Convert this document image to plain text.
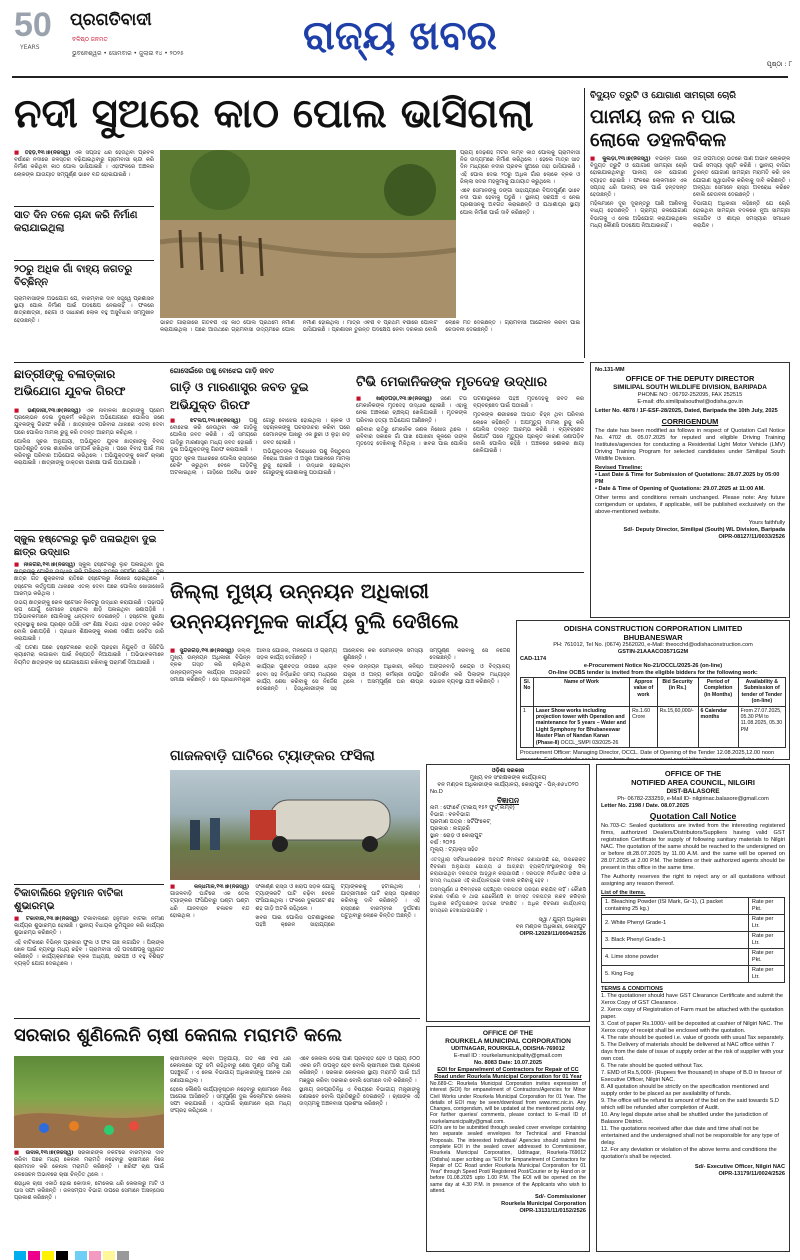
50
YEARS
ପ୍ରଗତିବାଦୀ
ବଳିଷ୍ଠ ଜନମତ
ଭୁବନେଶ୍ୱର • ସୋମବାର • ଜୁଲାଇ ୧୪ • ୨୦୨୫	ରାଜ୍ୟ ଖବର
ପୃଷ୍ଠା : ୮
ନଦୀ ସୁଅରେ କାଠ ପୋଲ ଭାସିଗଲା

■ ତିହିଡ଼ି,୧୩।୭(ନିଜସ୍ୱ) ଏକ ସପ୍ତାହ ଧରି ହେଉଥିବା ପ୍ରବଳ ବର୍ଷାରେ ନଦୀରେ ଜଳସ୍ତର ବଢ଼ିଯାଇଥିବାରୁ ଗ୍ରାମବାସୀ ଚାନ୍ଦା କରି ନିର୍ମାଣ କରିଥିବା କାଠ ପୋଲ ଭାସିଯାଇଛି । ଏହାଫଳରେ ଅଞ୍ଚଳର ଲୋକଙ୍କ ଯାତାୟାତ ସମ୍ପୂର୍ଣ୍ଣ ଭାବେ ବନ୍ଦ ହୋଇଯାଇଛି ।

ସାତ ଦିନ ତଳେ ଚାନ୍ଦା କରି ନିର୍ମାଣ କରାଯାଇଥିଲା
୨୦ରୁ ଅଧିକ ଗାଁ ବାହ୍ୟ ଜଗତରୁ ବିଚ୍ଛିନ୍ନ

ଗ୍ରାମବାସୀଙ୍କ ଅଭିଯୋଗ ଯେ, ବାରମ୍ବାର ଦାବି ସତ୍ତ୍ୱେ ପ୍ରଶାସନ ସ୍ଥାୟୀ ପୋଲ ନିର୍ମାଣ ପାଇଁ ପଦକ୍ଷେପ ନେଇନାହିଁ । ଫଳରେ ଛାତ୍ରଛାତ୍ରୀ, ରୋଗୀ ଓ ସାଧାରଣ ଲୋକ ବହୁ ଅସୁବିଧାର ସମ୍ମୁଖୀନ ହେଉଛନ୍ତି ।

ପ୍ରାୟ ଦେଢ଼ଶହ ମିଟର ଲମ୍ବ କାଠ ପୋଲକୁ ଗ୍ରାମବାସୀ ନିଜ ଉଦ୍ୟମରେ ନିର୍ମାଣ କରିଥିଲେ । ହେଲେ ମାତ୍ର ସାତ ଦିନ ମଧ୍ୟରେ ନଦୀର ପ୍ରବଳ ସୁଅରେ ତାହା ଭାସିଯାଇଛି । ଏହି ପୋଲ ଦେଇ ୨୦ରୁ ଅଧିକ ଗାଁର ଲୋକେ ବ୍ଳକ ଓ ଜିଲ୍ଲା ସଦର ମହକୁମାକୁ ଯାତାୟାତ କରୁଥିଲେ ।

ଏବେ ସେମାନଙ୍କୁ ଡଙ୍ଗା ସାହାଯ୍ୟରେ ବିପଦପୂର୍ଣ୍ଣ ଭାବେ ନଦୀ ପାର ହେବାକୁ ପଡୁଛି । ସ୍ଥାନୀୟ ସରପଞ୍ଚ ଏ ନେଇ ପ୍ରଶାସନକୁ ଅବଗତ କରାଇଛନ୍ତି ଓ ଯଥାଶୀଘ୍ର ସ୍ଥାୟୀ ପୋଲ ନିର୍ମାଣ ପାଇଁ ଦାବି କରିଛନ୍ତି ।

ଭାରତ ଗାଁରାଜାରେ ଗତବର୍ଷ ଏହି କାଠ ପୋଲ ପ୍ରଥମେ ନିର୍ମାଣ କରାଯାଇଥିଲା । ପରେ ଆଉଥରେ ଗ୍ରାମବାସୀ ଉଦ୍ୟମରେ ପୋଲ ନିର୍ମାଣ ହୋଇଥିଲା । ମାତ୍ର ଏବର୍ଷ ବି ପ୍ରଥମ ବର୍ଷାରେ ପୋଲଟି ଭାସିଯାଇଛି । ପ୍ରଶାସନ ତୁରନ୍ତ ପଦକ୍ଷେପ ନେବା ଦରକାର ବୋଲି ଲୋକେ ମତ ଦେଇଛନ୍ତି । ଗ୍ରାମବାସୀ ଆନ୍ଦୋଳନ କରିବା ପାଇଁ ଚେତାବନୀ ଦେଇଛନ୍ତି ।

ବିଦ୍ୟୁତ ତ୍ରୁଟି ଓ ଯୋଗାଣ ସାମଗ୍ରୀ ଚୋରି
ପାନୀୟ ଜଳ ନ ପାଇ ଲୋକେ ଡହଳବିକଳ

■ କୁଲଡ଼ା,୧୩।୭(ନିଜସ୍ୱ) ବିଭିନ୍ନ ଗାଁରେ ବିଦ୍ୟୁତ ତ୍ରୁଟି ଓ ଯୋଗାଣ ସାମଗ୍ରୀ ଚୋରି ହୋଇଯାଇଥିବାରୁ ପାନୀୟ ଜଳ ଯୋଗାଣ ବ୍ୟାହତ ହୋଇଛି । ଫଳରେ ଲୋକମାନେ ଏକ ସପ୍ତାହ ଧରି ପାନୀୟ ଜଳ ପାଇଁ ହନ୍ତସନ୍ତ ହେଉଛନ୍ତି ।

ମହିଳାମାନେ ଦୂର ଦୂରାନ୍ତରୁ ପାଣି ଆଣିବାକୁ ବାଧ୍ୟ ହେଉଛନ୍ତି । ଗ୍ରାମ୍ୟ ଜଳଯୋଗାଣ ବିଭାଗକୁ ଏ ନେଇ ଅଭିଯୋଗ କରାଯାଇଥିଲେ ମଧ୍ୟ କୌଣସି ପଦକ୍ଷେପ ନିଆଯାଇନାହିଁ ।

ଉଚ୍ଚ ତାପମାତ୍ରା ଭିତରେ ପାଣି ଅଭାବ ଲୋକଙ୍କ ପାଇଁ ସମସ୍ୟା ସୃଷ୍ଟି କରିଛି । ସ୍ଥାନୀୟ ବାସିନ୍ଦା ତୁରନ୍ତ ଯୋଗାଣ ସାମଗ୍ରୀ ମରାମତି କରି ଜଳ ଯୋଗାଣ ସ୍ୱାଭାବିକ କରିବାକୁ ଦାବି କରିଛନ୍ତି । ଅନ୍ୟଥା ସେମାନେ ରାସ୍ତା ଅବରୋଧ କରିବେ ବୋଲି ଚେତାବନୀ ଦେଇଛନ୍ତି ।

ବିଭାଗୀୟ ଅଧିକାରୀ କହିଛନ୍ତି ଯେ ଚୋରି ହୋଇଥିବା ସାମଗ୍ରୀ ବଦଳରେ ନୂଆ ସାମଗ୍ରୀ ଲଗାଯିବ ଓ ଶୀଘ୍ର ସମସ୍ୟାର ସମାଧାନ କରାଯିବ ।

ଛାତ୍ରୀଙ୍କୁ ବଳାତ୍କାର ଅଭିଯୋଗ ଯୁବକ ଗିରଫ

■ ଭଣ୍ଡାରୀ,୧୩।୭(ନିଜସ୍ୱ) ଏକ ନାବାଳିକା ଛାତ୍ରୀଙ୍କୁ ପ୍ରେମ ପ୍ରଲୋଭନ ଦେଇ ଦୁଷ୍କର୍ମ କରିଥିବା ଅଭିଯୋଗରେ ପୋଲିସ ଜଣେ ଯୁବକଙ୍କୁ ଗିରଫ କରିଛି । ଛାତ୍ରୀଙ୍କ ପରିବାର ଥାନାରେ ଏତଲା ଦେବା ପରେ ପୋଲିସ ମାମଲା ରୁଜୁ କରି ତଦନ୍ତ ଆରମ୍ଭ କରିଥିଲା ।

ପୋଲିସ ସୂଚନା ଅନୁଯାୟୀ, ଅଭିଯୁକ୍ତ ଯୁବକ ଛାତ୍ରୀଙ୍କୁ ବିବାହ ପ୍ରତିଶ୍ରୁତି ଦେଇ ଶାରୀରିକ ସମ୍ପର୍କ ରଖିଥିଲା । ପରେ ବିବାହ ପାଇଁ ମନା କରିବାରୁ ପରିବାର ଅଭିଯୋଗ କରିଥିଲେ । ଅଭିଯୁକ୍ତଙ୍କୁ କୋର୍ଟ ଚାଲାଣ କରାଯାଇଛି । ଛାତ୍ରୀଙ୍କୁ ଡାକ୍ତରୀ ପରୀକ୍ଷା ପାଇଁ ପଠାଯାଇଛି ।

ସ୍କୁଲ ହଷ୍ଟେଲରୁ ଲୁଚି ପଳାଇଥିବା ଦୁଇ ଛାତ୍ର ଉଦ୍ଧାର

■ ନୀଳଗିରି,୧୩।୭(ନିଜସ୍ୱ) ସ୍କୁଲ ହଷ୍ଟେଲରୁ ଲୁଚି ପଳାଇଥିବା ଦୁଇ ଛାତ୍ର ଗତ ଶୁକ୍ରବାର ରାତିରେ ହଷ୍ଟେଲରୁ ନିଖୋଜ ହୋଇଥିଲେ । ହଷ୍ଟେଲ କର୍ତ୍ତୃପକ୍ଷ ଥାନାରେ ଏତଲା ଦେବା ପରେ ପୋଲିସ ଖୋଜାଖୋଜି ଆରମ୍ଭ କରିଥିଲା ।

ଉଭୟ ଛାତ୍ରଙ୍କୁ ରେଳ ଷ୍ଟେସନ ନିକଟରୁ ଉଦ୍ଧାର କରାଯାଇଛି । ପଢ଼ାପଢ଼ି ଚାପ ଯୋଗୁଁ ସେମାନେ ହଷ୍ଟେଲ ଛାଡ଼ି ପଳାଇଥିବା ଜଣାପଡ଼ିଛି । ଅଭିଭାବକମାନେ ପୋଲିସକୁ ଧନ୍ୟବାଦ ଦେଇଛନ୍ତି । ହଷ୍ଟେଲ ସୁରକ୍ଷା ବ୍ୟବସ୍ଥାକୁ ନେଇ ପ୍ରଶ୍ନ ଉଠିଛି ଏବଂ ଶିକ୍ଷା ବିଭାଗ ଏହାର ତଦନ୍ତ କରିବ ବୋଲି ଜଣାପଡ଼ିଛି । ପ୍ରଧାନ ଶିକ୍ଷକଙ୍କୁ କାରଣ ଦର୍ଶାଅ ନୋଟିସ ଜାରି କରାଯାଇଛି ।

ଏହି ଘଟଣା ପରେ ହଷ୍ଟେଲରେ ରାତ୍ରି ପ୍ରହରୀ ନିଯୁକ୍ତି ଓ ସିସିଟିଭି କ୍ୟାମେରା ଲଗାଇବା ପାଇଁ ନିଷ୍ପତ୍ତି ନିଆଯାଇଛି । ଅଭିଭାବକମାନେ ନିୟମିତ ଛାତ୍ରଙ୍କ ସହ ଯୋଗାଯୋଗ ରଖିବାକୁ ପରାମର୍ଶ ଦିଆଯାଇଛି ।

ଗୋସେଇଁରେ ପଶୁ ବୋଝେଇ ଗାଡ଼ି ଜବତ
ଗାଡ଼ି ଓ ମାରଣାସ୍ତ୍ର ଜବତ ଦୁଇ ଅଭିଯୁକ୍ତ ଗିରଫ

■ ଝିଟିଲିପି,୧୩।୭(ନିଜସ୍ୱ) ପଶୁ ବୋଝେଇ କରି ନେଉଥିବା ଏକ ଗାଡ଼ିକୁ ପୋଲିସ ଜବତ କରିଛି । ଏହି ସମୟରେ ଗାଡ଼ିରୁ ମାରଣାସ୍ତ୍ର ମଧ୍ୟ ଜବତ ହୋଇଛି । ଦୁଇ ଅଭିଯୁକ୍ତଙ୍କୁ ଗିରଫ କରାଯାଇଛି ।

ଗୁପ୍ତ ସୂଚନା ଆଧାରରେ ପୋଲିସ ରାସ୍ତାରେ ଚେକିଂ କରୁଥିବା ବେଳେ ଗାଡ଼ିଟିକୁ ଅଟକାଇଥିଲା । ଗାଡ଼ିରେ ଅବୈଧ ଭାବେ ଗୋରୁ ବୋଝେଇ ହୋଇଥିଲା । ଚାଳକ ଓ ସହଚାଳକଙ୍କୁ ପଚରାଉଚରା କରିବା ପରେ ସେମାନଙ୍କ ପାଖରୁ ଏକ ଛୁରୀ ଓ ଲୁହା ରଡ଼ ଜବତ ହୋଇଛି ।

ଅଭିଯୁକ୍ତଙ୍କ ବିରୋଧରେ ପଶୁ ନିଷ୍ଠୁରତା ନିରୋଧ ଆଇନ ଓ ଅସ୍ତ୍ର ଆଇନରେ ମାମଲା ରୁଜୁ ହୋଇଛି । ଉଦ୍ଧାର ହୋଇଥିବା ଗୋରୁଙ୍କୁ ଗୋଶାଳାକୁ ପଠାଯାଇଛି ।

ଟିଭି ମେକାନିକଙ୍କ ମୃତଦେହ ଉଦ୍ଧାର

■ ଖଣ୍ଡପଡ଼ା,୧୩।୭(ନିଜସ୍ୱ) ଜଣେ ଟିଭି ମେକାନିକଙ୍କ ମୃତଦେହ ଉଦ୍ଧାର ହୋଇଛି । ଏହାକୁ ନେଇ ଅଞ୍ଚଳରେ ଚାଞ୍ଚଲ୍ୟ ଖେଳିଯାଇଛି । ମୃତକଙ୍କ ପରିବାର ହତ୍ୟା ଅଭିଯୋଗ ଆଣିଛନ୍ତି ।

ଶନିବାର ରାତିରୁ ମେକାନିକ ଜଣକ ନିଖୋଜ ଥିଲେ । ରବିବାର ସକାଳେ ଗାଁ ପାଖ ପୋଖରୀ କୂଳରେ ତାଙ୍କ ମୃତଦେହ ଦେଖିବାକୁ ମିଳିଥିଲା । ଖବର ପାଇ ପୋଲିସ ଘଟଣାସ୍ଥଳରେ ପହଞ୍ଚି ମୃତଦେହକୁ ଜବତ କରି ବ୍ୟବଚ୍ଛେଦ ପାଇଁ ପଠାଇଛି ।

ମୃତକଙ୍କ ଶରୀରରେ ଆଘାତ ଚିହ୍ନ ଥିବା ପରିବାର ଲୋକେ କହିଛନ୍ତି । ଅପମୃତ୍ୟୁ ମାମଲା ରୁଜୁ କରି ପୋଲିସ ତଦନ୍ତ ଆରମ୍ଭ କରିଛି । ବ୍ୟବଚ୍ଛେଦ ରିପୋର୍ଟ ପରେ ମୃତ୍ୟୁର ପ୍ରକୃତ କାରଣ ଜଣାପଡ଼ିବ ବୋଲି ପୋଲିସ କହିଛି । ଅଞ୍ଚଳରେ ଶୋକର ଛାୟା ଖେଳିଯାଇଛି ।

No.131-MM
OFFICE OF THE DEPUTY DIRECTOR
SIMILIPAL SOUTH WILDLIFE DIVISION, BARIPADA
PHONE NO : 06792-252095, FAX 252515
E-mail: dfo.similipalsouthwl@odisha.gov.in
Letter No. 4878 / 1F-ESF-28/2025, Dated, Baripada the 10th July, 2025
CORRIGENDUM
The date has been modified as follows in respect of Quotation Call Notice No. 4702 dt. 05.07.2025 for reputed and eligible Driving Training Institutes/agencies for conducting a Residential Light Motor Vehicle (LMV) Driving Training Program for selected candidates under Similipal South Wildlife Division.
Revised Timeline:
• Last Date & Time for Submission of Quotations: 28.07.2025 by 05:00 PM
• Date & Time of Opening of Quotations: 29.07.2025 at 11:00 AM.
Other terms and conditions remain unchanged. Please note: Any future corrigendum or updates, if applicable, will be published exclusively on the above-mentioned website.
Yours faithfully
Sd/- Deputy Director, Similipal (South) WL Division, Baripada
OIPR-08127/11/0033/2526
ଜିଲ୍ଲା ମୁଖ୍ୟ ଉନ୍ନୟନ ଅଧିକାରୀ ଉନ୍ନୟନମୂଳକ କାର୍ଯ୍ୟ ବୁଲି ଦେଖିଲେ

■ ସୁନ୍ଦରଗଡ଼,୧୩।୭(ନିଜସ୍ୱ) ଜିଲ୍ଲା ମୁଖ୍ୟ ଉନ୍ନୟନ ଅଧିକାରୀ ବିଭିନ୍ନ ବ୍ଳକ ଗସ୍ତ କରି ଚାଲିଥିବା ଉନ୍ନୟନମୂଳକ କାର୍ଯ୍ୟର ଅଗ୍ରଗତି ସମୀକ୍ଷା କରିଛନ୍ତି । ସେ ପ୍ରଧାନମନ୍ତ୍ରୀ ଆବାସ ଯୋଜନା, ମନରେଗା ଓ ଗ୍ରାମ୍ୟ ସଡ଼କ କାର୍ଯ୍ୟ ଦେଖିଛନ୍ତି ।

କାର୍ଯ୍ୟର ଗୁଣବତ୍ତା ଉପରେ ଧ୍ୟାନ ଦେବା ସହ ନିର୍ଦ୍ଧାରିତ ସମୟ ମଧ୍ୟରେ କାର୍ଯ୍ୟ ଶେଷ କରିବାକୁ ସେ ନିର୍ଦ୍ଦେଶ ଦେଇଛନ୍ତି । ହିତାଧିକାରୀଙ୍କ ସହ ଆଲୋଚନା କରି ସେମାନଙ୍କ ସମସ୍ୟା ଶୁଣିଛନ୍ତି ।

ବ୍ଳକ ଉନ୍ନୟନ ଅଧିକାରୀ, କନିଷ୍ଠ ଯନ୍ତ୍ରୀ ଓ ଅନ୍ୟ କର୍ମଚାରୀ ଉପସ୍ଥିତ ଥିଲେ । ଅସମ୍ପୂର୍ଣ୍ଣ ଘର ଶୀଘ୍ର ସମ୍ପୂର୍ଣ୍ଣ କରିବାକୁ ସେ ନିର୍ଦ୍ଦେଶ ଦେଇଛନ୍ତି ।

ଅଙ୍ଗନବାଡ଼ି କେନ୍ଦ୍ର ଓ ବିଦ୍ୟାଳୟ ପରିଦର୍ଶନ କରି ପିଲାଙ୍କ ମଧ୍ୟାହ୍ନ ଭୋଜନ ବ୍ୟବସ୍ଥା ଯାଞ୍ଚ କରିଛନ୍ତି ।

ODISHA CONSTRUCTION CORPORATION LIMITED
BHUBANESWAR
PH: 761012, Tel No. (0674) 2562020, e-Mail: theocchd@odishaconstruction.com
GSTIN-21AAACO3571G2M
CAD-1174
e-Procurement Notice No-21/OCCL/2025-26 (on-line)
On-line OCBS tender is invited from the eligible bidders for the following work:
Sl. No	Name of Work	Approx value of work	Bid Security (in Rs.)	Period of Completion (in Months)	Availability & Submission of tender of Tender (on-line)
1	Laser Show works including projection tower with Operation and maintenance for 5 years – Water and Light Symphony for Bhubaneswar Master Plan of Nandan Kanan (Phase-II) OCCL_SMPI 03/2025-26	Rs.1.60 Crore	Rs.15,60,000/-	6 Calendar months	From 27.07.2025, 05.30 PM to 11.08.2025, 05.30 PM
Procurement Officer: Managing Director, OCCL. Date of Opening of the Tender 12.08.2025,12.00 noon
ଗାଜଳବାଡ଼ି ଘାଟିରେ ଟ୍ୟାଙ୍କର ଫସିଲା
ଓଡ଼ିଶା ସରକାର
ମୁଖ୍ୟ ବନ ସଂରକ୍ଷକଙ୍କ କାର୍ଯ୍ୟାଳୟ
ବନ ମଣ୍ଡଳ ଅଧିକାରୀଙ୍କ କାର୍ଯ୍ୟାଳୟ, କୋରାପୁଟ - ପିନ୍-୭୬୪୦୨୦
No.D
ବିଜ୍ଞାପନ
ନାମ : ଫୋର୍ବେ (ଟାଇପ୍ ୧୫୨ ଫୁଟ୍ ଲମ୍ବ)
ବିଭାଗ : ବନବିଭାଗ
ପ୍ରମାଣ ପତ୍ର : ସର୍ଟିଫିକେଟ୍
ପ୍ରକାର : ଲଗ୍ଜରି
ସ୍ଥାନ : ରୋଡ଼ ଓ କୋରାପୁଟ
ବର୍ଷ : ୨୦୨୫
ମୂଲ୍ୟ : ଟ୍ୟାକ୍ସ ସହିତ

ଏତଦ୍ୱାରା ସର୍ବସାଧାରଣଙ୍କ ଅବଗତି ନିମନ୍ତେ ଜଣାଯାଉଛି ଯେ, ଉପରୋକ୍ତ ବିବରଣୀ ଅନୁଯାୟୀ ଯୋଗ୍ୟ ଓ ଆଗ୍ରହୀ ବ୍ୟକ୍ତି/ସଂସ୍ଥାଙ୍କଠାରୁ ସିଲ୍ କରାଯାଇଥିବା ଦରପତ୍ର ଆହ୍ୱାନ କରାଯାଉଛି । ଦରପତ୍ର ନିର୍ଦ୍ଧାରିତ ତାରିଖ ଓ ସମୟ ମଧ୍ୟରେ ଏହି କାର୍ଯ୍ୟାଳୟରେ ଦାଖଲ କରିବାକୁ ହେବ ।

ଅସମ୍ପୂର୍ଣ୍ଣ ଓ ବିଳମ୍ବରେ ପହଞ୍ଚିଥିବା ଦରପତ୍ର ଗ୍ରହଣ କରାଯିବ ନାହିଁ । କୌଣସି କାରଣ ଦର୍ଶାଇ ନ ଥାଇ ଯେକୌଣସି ବା ସମସ୍ତ ଦରପତ୍ର ନାକଚ କରିବାର ଅଧିକାର କର୍ତ୍ତୃପକ୍ଷଙ୍କ ହାତରେ ସଂରକ୍ଷିତ । ଅଧିକ ବିବରଣୀ କାର୍ଯ୍ୟାଳୟ ସମୟରେ ଦେଖାଯାଇପାରିବ ।

ସ୍ୱା / ଯୁଗ୍ମ ଅଧିକାରୀ
ବନ ମଣ୍ଡଳ ଅଧିକାରୀ, କୋରାପୁଟ
OIPR-12029/11/0094/2526
OFFICE OF THE
NOTIFIED AREA COUNCIL, NILGIRI
DIST-BALASORE
Ph- 06782-233259, e-Mail ID- nilgirinac.balasore@gmail.com
Letter No. 2198 / Date. 08.07.2025
Quotation Call Notice
No.703-C: Sealed quotations are invited from the interesting registered firms, authorized Dealers/Distributors/Suppliers having valid GST registration Certificate for supply of following sanitary materials to Nilgiri NAC. The quotation of the same should be reached to the undersigned on or before dt.28.07.2025 by 11.00 A.M. and the same will be opened on 28.07.2025 at 2.00 P.M. The bidders or their authorized agents should be present in this office in the same time.
The Authority reserves the right to reject any or all quotations without assigning any reason thereof.
List of the items.
1. Bleaching Powder (ISI Mark, Gr-1), (1 packet containing 25 kg.)	Rate per Pkt.
2. White Phenyl Grade-1	Rate per Ltr.
3. Black Phenyl Grade-1	Rate per Ltr.
4. Lime stone powder	Rate per Pkt.
5. King Fog	Rate per Ltr.
TERMS & CONDITIONS
1. The quotationer should have GST Clearance Certificate and submit the Xerox Copy of GST Clearance.
2. Xerox copy of Registration of Farm must be attached with the quotation paper.
3. Cost of paper Rs.1000/- will be deposited at cashier of Nilgiri NAC. The Xerox copy of receipt shall be enclosed with the quotation.
4. The rate should be quoted i.e. value of goods with usual Tax separately.
5. The Delivery of materials should be delivered at NAC office within 7 days from the date of issue of supply order at the risk of supplier with your own cost.
6. The rate should be quoted without Tax.
7. EMD of Rs.5,000/- (Rupees five thousand) in shape of B.D in favour of Executive Officer, Nilgiri NAC.
8. All quotation should be strictly on the specification mentioned and supply order to be placed as per availability of funds.
9. The office will be refund its amount of the bid on the said towards S.D which will be refunded after completion of Audit.
10. Any legal dispute arise shall be shuttled under the jurisdiction of Balasore District.
11. The quotations received after due date and time shall not be entertained and the undersigned shall not be responsible for any type of delay.
12. For any deviation or violation of the above terms and conditions the quotation's shall be rejected.
Sd/- Executive Officer, Nilgiri NAC
OIPR-13179/11/0024/2526
ଟିକାବାଲିରେ ହନୁମାନ ବାଟିକା ଶୁଭାରମ୍ଭ

■ ଟିକାବାଲି,୧୩।୭(ନିଜସ୍ୱ) ଟିକାବାଲିରେ ହନୁମାନ ବାଟିକା ନିର୍ମାଣ କାର୍ଯ୍ୟର ଶୁଭାରମ୍ଭ ହୋଇଛି । ସ୍ଥାନୀୟ ବିଧାୟକ ଭୂମିପୂଜନ କରି କାର୍ଯ୍ୟର ଶୁଭାରମ୍ଭ କରିଛନ୍ତି ।

ଏହି ବାଟିକାରେ ବିଭିନ୍ନ ପ୍ରକାର ଫୁଲ ଓ ଫଳ ଗଛ ଲଗାଯିବ । ପିଲାଙ୍କ ଖେଳ ପାଇଁ ବ୍ୟବସ୍ଥା ମଧ୍ୟ ରହିବ । ଗ୍ରାମବାସୀ ଏହି ପଦକ୍ଷେପକୁ ସ୍ୱାଗତ କରିଛନ୍ତି । କାର୍ଯ୍ୟକ୍ରମରେ ବ୍ଳକ ଅଧ୍ୟକ୍ଷ, ସରପଞ୍ଚ ଓ ବହୁ ବିଶିଷ୍ଟ ବ୍ୟକ୍ତି ଯୋଗ ଦେଇଥିଲେ ।

■ କନ୍ଧମାଳ,୧୩।୭(ନିଜସ୍ୱ) ଗାଜଳବାଡ଼ି ଘାଟିରେ ଏକ ତେଲ ଟ୍ୟାଙ୍କର ଫସିଯିବାରୁ ଘଣ୍ଟା ଘଣ୍ଟା ଧରି ଯାନବାହନ ଚଳାଚଳ ବନ୍ଦ ହୋଇଥିଲା ।

ସଂକୀର୍ଣ୍ଣ ରାସ୍ତା ଓ ଖରାପ ସଡ଼କ ଯୋଗୁଁ ଟ୍ୟାଙ୍କରଟି ଘାଟି ଚଢ଼ିବା ବେଳେ ଫସିଯାଇଥିଲା । ଫଳରେ ଦୁଇପଟେ ଶହ ଶହ ଗାଡ଼ି ଅଟକି ରହିଥିଲେ ।

ଖବର ପାଇ ପୋଲିସ ଘଟଣାସ୍ଥଳରେ ପହଞ୍ଚି କ୍ରେନ ସାହାଯ୍ୟରେ ଟ୍ୟାଙ୍କରକୁ ହଟାଇଥିଲା । ଯାତ୍ରୀମାନେ ଘାଟି ରାସ୍ତା ପ୍ରଶସ୍ତ କରିବାକୁ ଦାବି କରିଛନ୍ତି । ଏହି ରାସ୍ତାରେ ବାରମ୍ବାର ଦୁର୍ଘଟଣା ଘଟୁଥିବାରୁ ଲୋକେ ଚିନ୍ତିତ ଅଛନ୍ତି ।

ସରକାର ଶୁଣିଲେନି ଚାଷୀ କେନାଲ ମରାମତି କଲେ

■ ଉଦାଳ,୧୩।୭(ନିଜସ୍ୱ) ସରକାରଙ୍କ ନିକଟରେ ବାରମ୍ବାର ଦାବି କରିବା ପରେ ମଧ୍ୟ କେନାଲ ମରାମତି ନହେବାରୁ ଚାଷୀମାନେ ନିଜେ ଶ୍ରମଦାନ କରି କେନାଲ ମରାମତି କରିଛନ୍ତି । ଖରିଫ ଚାଷ ପାଇଁ ଜଳସେଚନ ଅଭାବରେ ଚାଷୀ ଚିନ୍ତିତ ଥିଲେ ।

ଶହାଧିକ ଚାଷୀ ଏକାଠି ହୋଇ କୋଦାଳ, ଟୋକେଇ ଧରି କେନାଲରୁ ମାଟି ଓ ଘାସ ସଫା କରିଛନ୍ତି । ଜଳସମ୍ପଦ ବିଭାଗ ଉପରେ ସେମାନେ ଅସନ୍ତୋଷ ପ୍ରକାଶ କରିଛନ୍ତି ।

ଚାଷୀମାନଙ୍କ କହିବା ଅନୁଯାୟୀ, ଗତ କିଛି ବର୍ଷ ଧରି କେନାଲରେ ପଟୁ ଜମି ରହିଥିବାରୁ ଶେଷ ମୁଣ୍ଡ ଜମିକୁ ପାଣି ପହଞ୍ଚୁନାହିଁ । ଏ ନେଇ ବିଭାଗୀୟ ଅଧିକାରୀଙ୍କୁ ଅନେକ ଥର ଜଣାଯାଇଥିଲା ।

ହେଲେ କୌଣସି କାର୍ଯ୍ୟାନୁଷ୍ଠାନ ନହେବାରୁ ଚାଷୀମାନେ ନିଜେ ଆଗେଇ ଆସିଛନ୍ତି । ସମ୍ପୂର୍ଣ୍ଣ ଦୁଇ କିଲୋମିଟର କେନାଲ ସଫା କରାଯାଇଛି । ଏଥିପାଇଁ ଚାଷୀମାନେ ଚାନ୍ଦା ମଧ୍ୟ ସଂଗ୍ରହ କରିଥିଲେ ।

ଏବେ କେନାଲ ଦେଇ ପାଣି ପ୍ରବାହିତ ହେବ ଓ ପ୍ରାୟ ୫୦୦ ଏକର ଜମି ଉପକୃତ ହେବ ବୋଲି ଚାଷୀମାନେ ଆଶା ପ୍ରକାଶ କରିଛନ୍ତି । ସରକାର କେନାଲର ସ୍ଥାୟୀ ମରାମତି ପାଇଁ ଅର୍ଥ ମଞ୍ଜୁର କରିବା ଦରକାର ବୋଲି ସେମାନେ ଦାବି କରିଛନ୍ତି ।

ସ୍ଥାନୀୟ ଜନପ୍ରତିନିଧି ଏ ବିଷୟରେ ବିଭାଗୀୟ ମନ୍ତ୍ରୀଙ୍କୁ ଜଣାଇବେ ବୋଲି ପ୍ରତିଶ୍ରୁତି ଦେଇଛନ୍ତି । ଚାଷୀଙ୍କ ଏହି ଉଦ୍ୟମକୁ ଅଞ୍ଚଳବାସୀ ପ୍ରଶଂସା କରିଛନ୍ତି ।

OFFICE OF THE
ROURKELA MUNICIPAL CORPORATION
UDITNAGAR, ROURKELA, ODISHA-769012
E-mail ID : rourkelamunicipality@gmail.com
No. 8083 Date: 10.07.2025
EOI for Empanelment of Contractors for Repair of CC Road under Rourkela Municipal Corporation for 01 Year
No.689-C: Rourkela Municipal Corporation invites expression of interest (EOI) for empanelment of Contractors/Agencies for Minor Civil Works under Rourkela Municipal Corporation for 01 Year. The details of EOI may be seen/download from www.rmc.nic.in. Any Changes, corrigendum, will be updated at the mentioned portal only. For further queries/ comments, please contact to E-mail ID of rourkelamunicipality@gmail.com.
EOI's are to be submitted through sealed cover envelope containing two separate sealed envelopes for Technical and Financial Proposals. The interested Individual/ Agencies should submit the complete EOI in the sealed cover addressed to Commissioner, Rourkela Municipal Corporation, Uditnagar, Rourkela-769012 (Odisha) super scribing as "EOI for Empanelment of Contractors for Repair of CC Road under Rourkela Municipal Corporation for 01 Year" through Speed Post/ Registered Post/Courier or by Hand on or before 01.08.2025 upto 1.00 P.M. The EOI will be opened on the same day at 4.30 P.M. in presence of the Applicants who wish to attend.
Sd/- Commissioner
Rourkela Municipal Corporation
OIPR-13131/11/0152/2526
